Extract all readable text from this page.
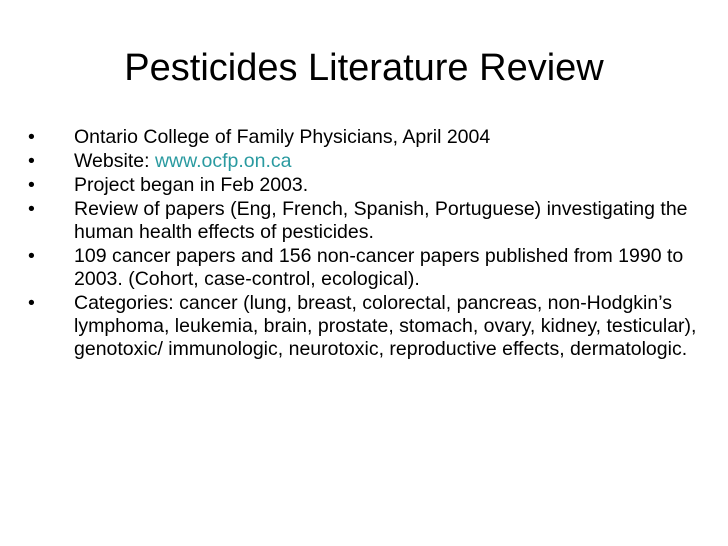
Pesticides Literature Review
•	Ontario College of Family Physicians, April 2004
•	Website: www.ocfp.on.ca
•	Project began in Feb 2003.
•	Review of papers (Eng, French, Spanish, Portuguese) investigating the human health effects of pesticides.
•	109 cancer papers and 156 non-cancer papers published from 1990 to 2003. (Cohort, case-control, ecological).
•	Categories: cancer (lung, breast, colorectal, pancreas, non-Hodgkin’s lymphoma, leukemia, brain, prostate, stomach, ovary, kidney, testicular), genotoxic/ immunologic, neurotoxic, reproductive effects, dermatologic.
